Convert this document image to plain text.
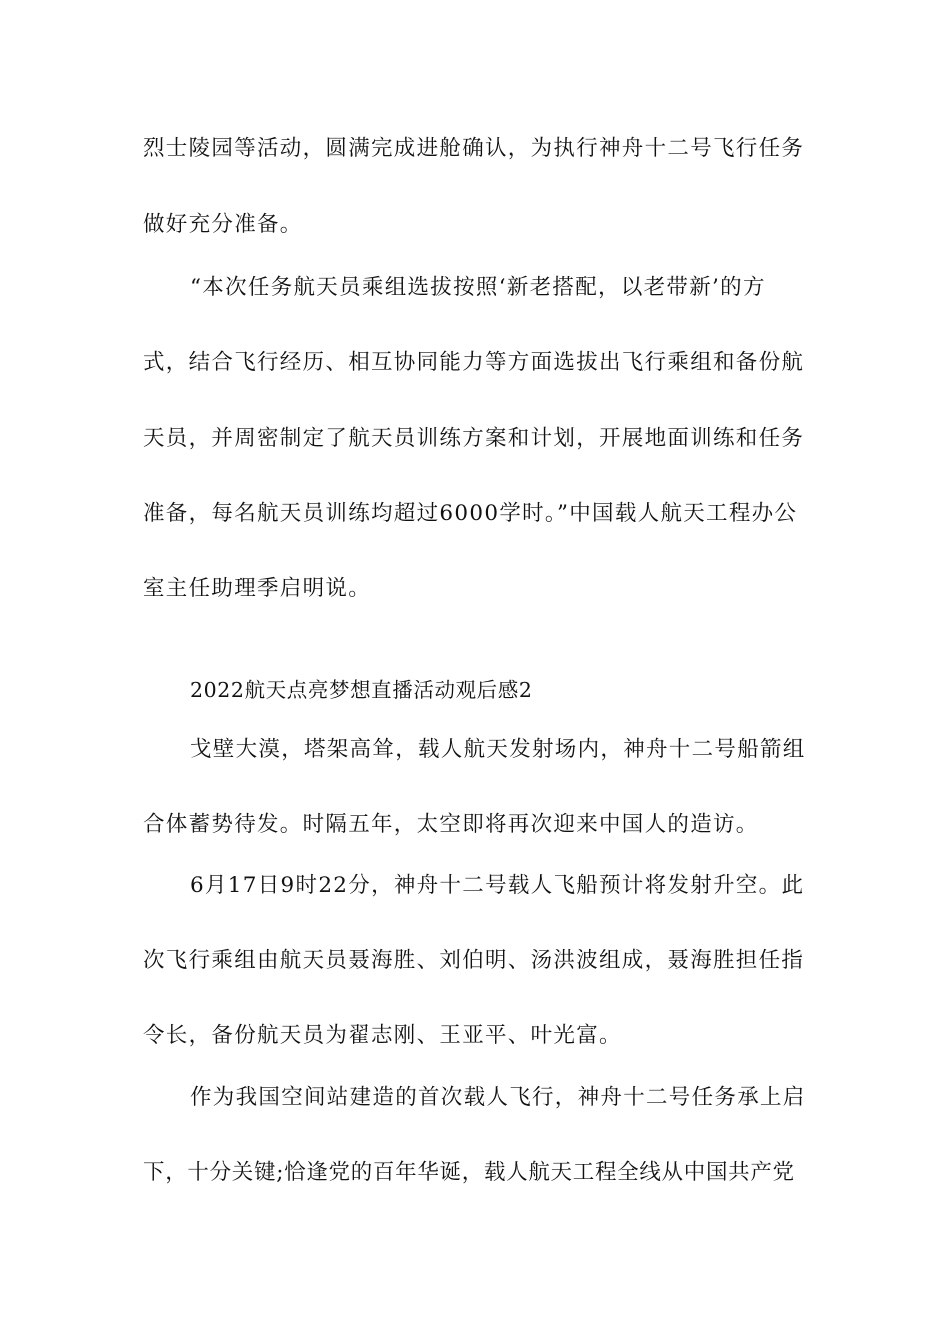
烈士陵园等活动，圆满完成进舱确认，为执行神舟十二号飞行任务
做好充分准备。
“本次任务航天员乘组选拔按照‘新老搭配，以老带新’的方
式，结合飞行经历、相互协同能力等方面选拔出飞行乘组和备份航
天员，并周密制定了航天员训练方案和计划，开展地面训练和任务
准备，每名航天员训练均超过6000学时。”中国载人航天工程办公
室主任助理季启明说。
2022航天点亮梦想直播活动观后感2
戈壁大漠，塔架高耸，载人航天发射场内，神舟十二号船箭组
合体蓄势待发。时隔五年，太空即将再次迎来中国人的造访。
6月17日9时22分，神舟十二号载人飞船预计将发射升空。此
次飞行乘组由航天员聂海胜、刘伯明、汤洪波组成，聂海胜担任指
令长，备份航天员为翟志刚、王亚平、叶光富。
作为我国空间站建造的首次载人飞行，神舟十二号任务承上启
下，十分关键;恰逢党的百年华诞，载人航天工程全线从中国共产党
